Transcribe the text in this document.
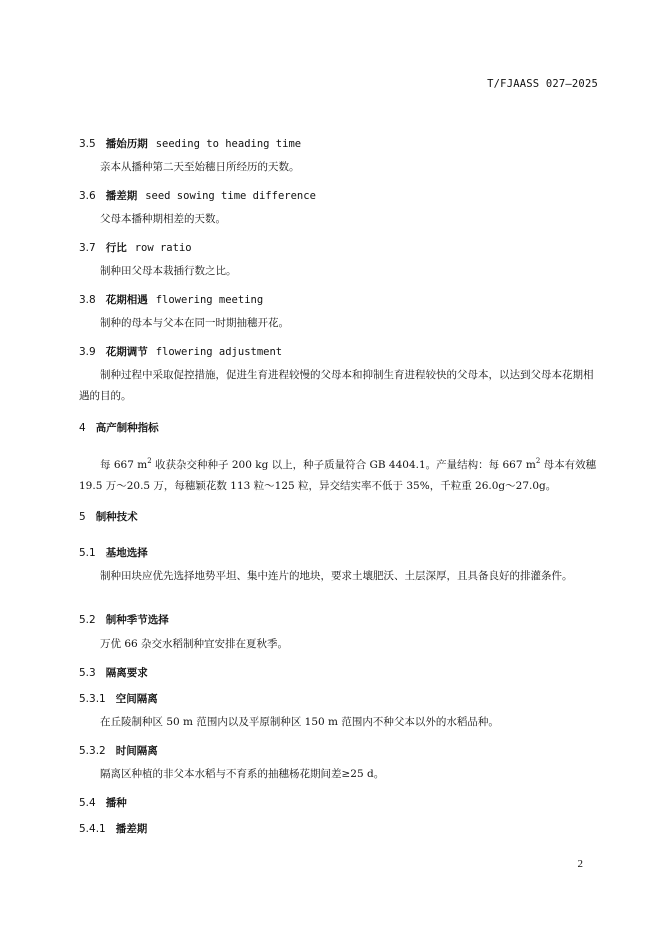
T/FJAASS 027—2025
3.5 播始历期 seeding to heading time
亲本从播种第二天至始穗日所经历的天数。
3.6 播差期 seed sowing time difference
父母本播种期相差的天数。
3.7 行比 row ratio
制种田父母本栽插行数之比。
3.8 花期相遇 flowering meeting
制种的母本与父本在同一时期抽穗开花。
3.9 花期调节 flowering adjustment
制种过程中采取促控措施，促进生育进程较慢的父母本和抑制生育进程较快的父母本，以达到父母本花期相遇的目的。
4 高产制种指标
每 667 $m^2$ 收获杂交种种子 200 kg 以上，种子质量符合 GB 4404.1。产量结构：每 667 $m^2$ 母本有效穗 19.5 万～20.5 万，每穗颖花数 113 粒～125 粒，异交结实率不低于 35%，千粒重 26.0g～27.0g。
5 制种技术
5.1 基地选择
制种田块应优先选择地势平坦、集中连片的地块，要求土壤肥沃、土层深厚，且具备良好的排灌条件。
5.2 制种季节选择
万优 66 杂交水稻制种宜安排在夏秋季。
5.3 隔离要求
5.3.1 空间隔离
在丘陵制种区 50 m 范围内以及平原制种区 150 m 范围内不种父本以外的水稻品种。
5.3.2 时间隔离
隔离区种植的非父本水稻与不育系的抽穗杨花期间差≥25 d。
5.4 播种
5.4.1 播差期
2
